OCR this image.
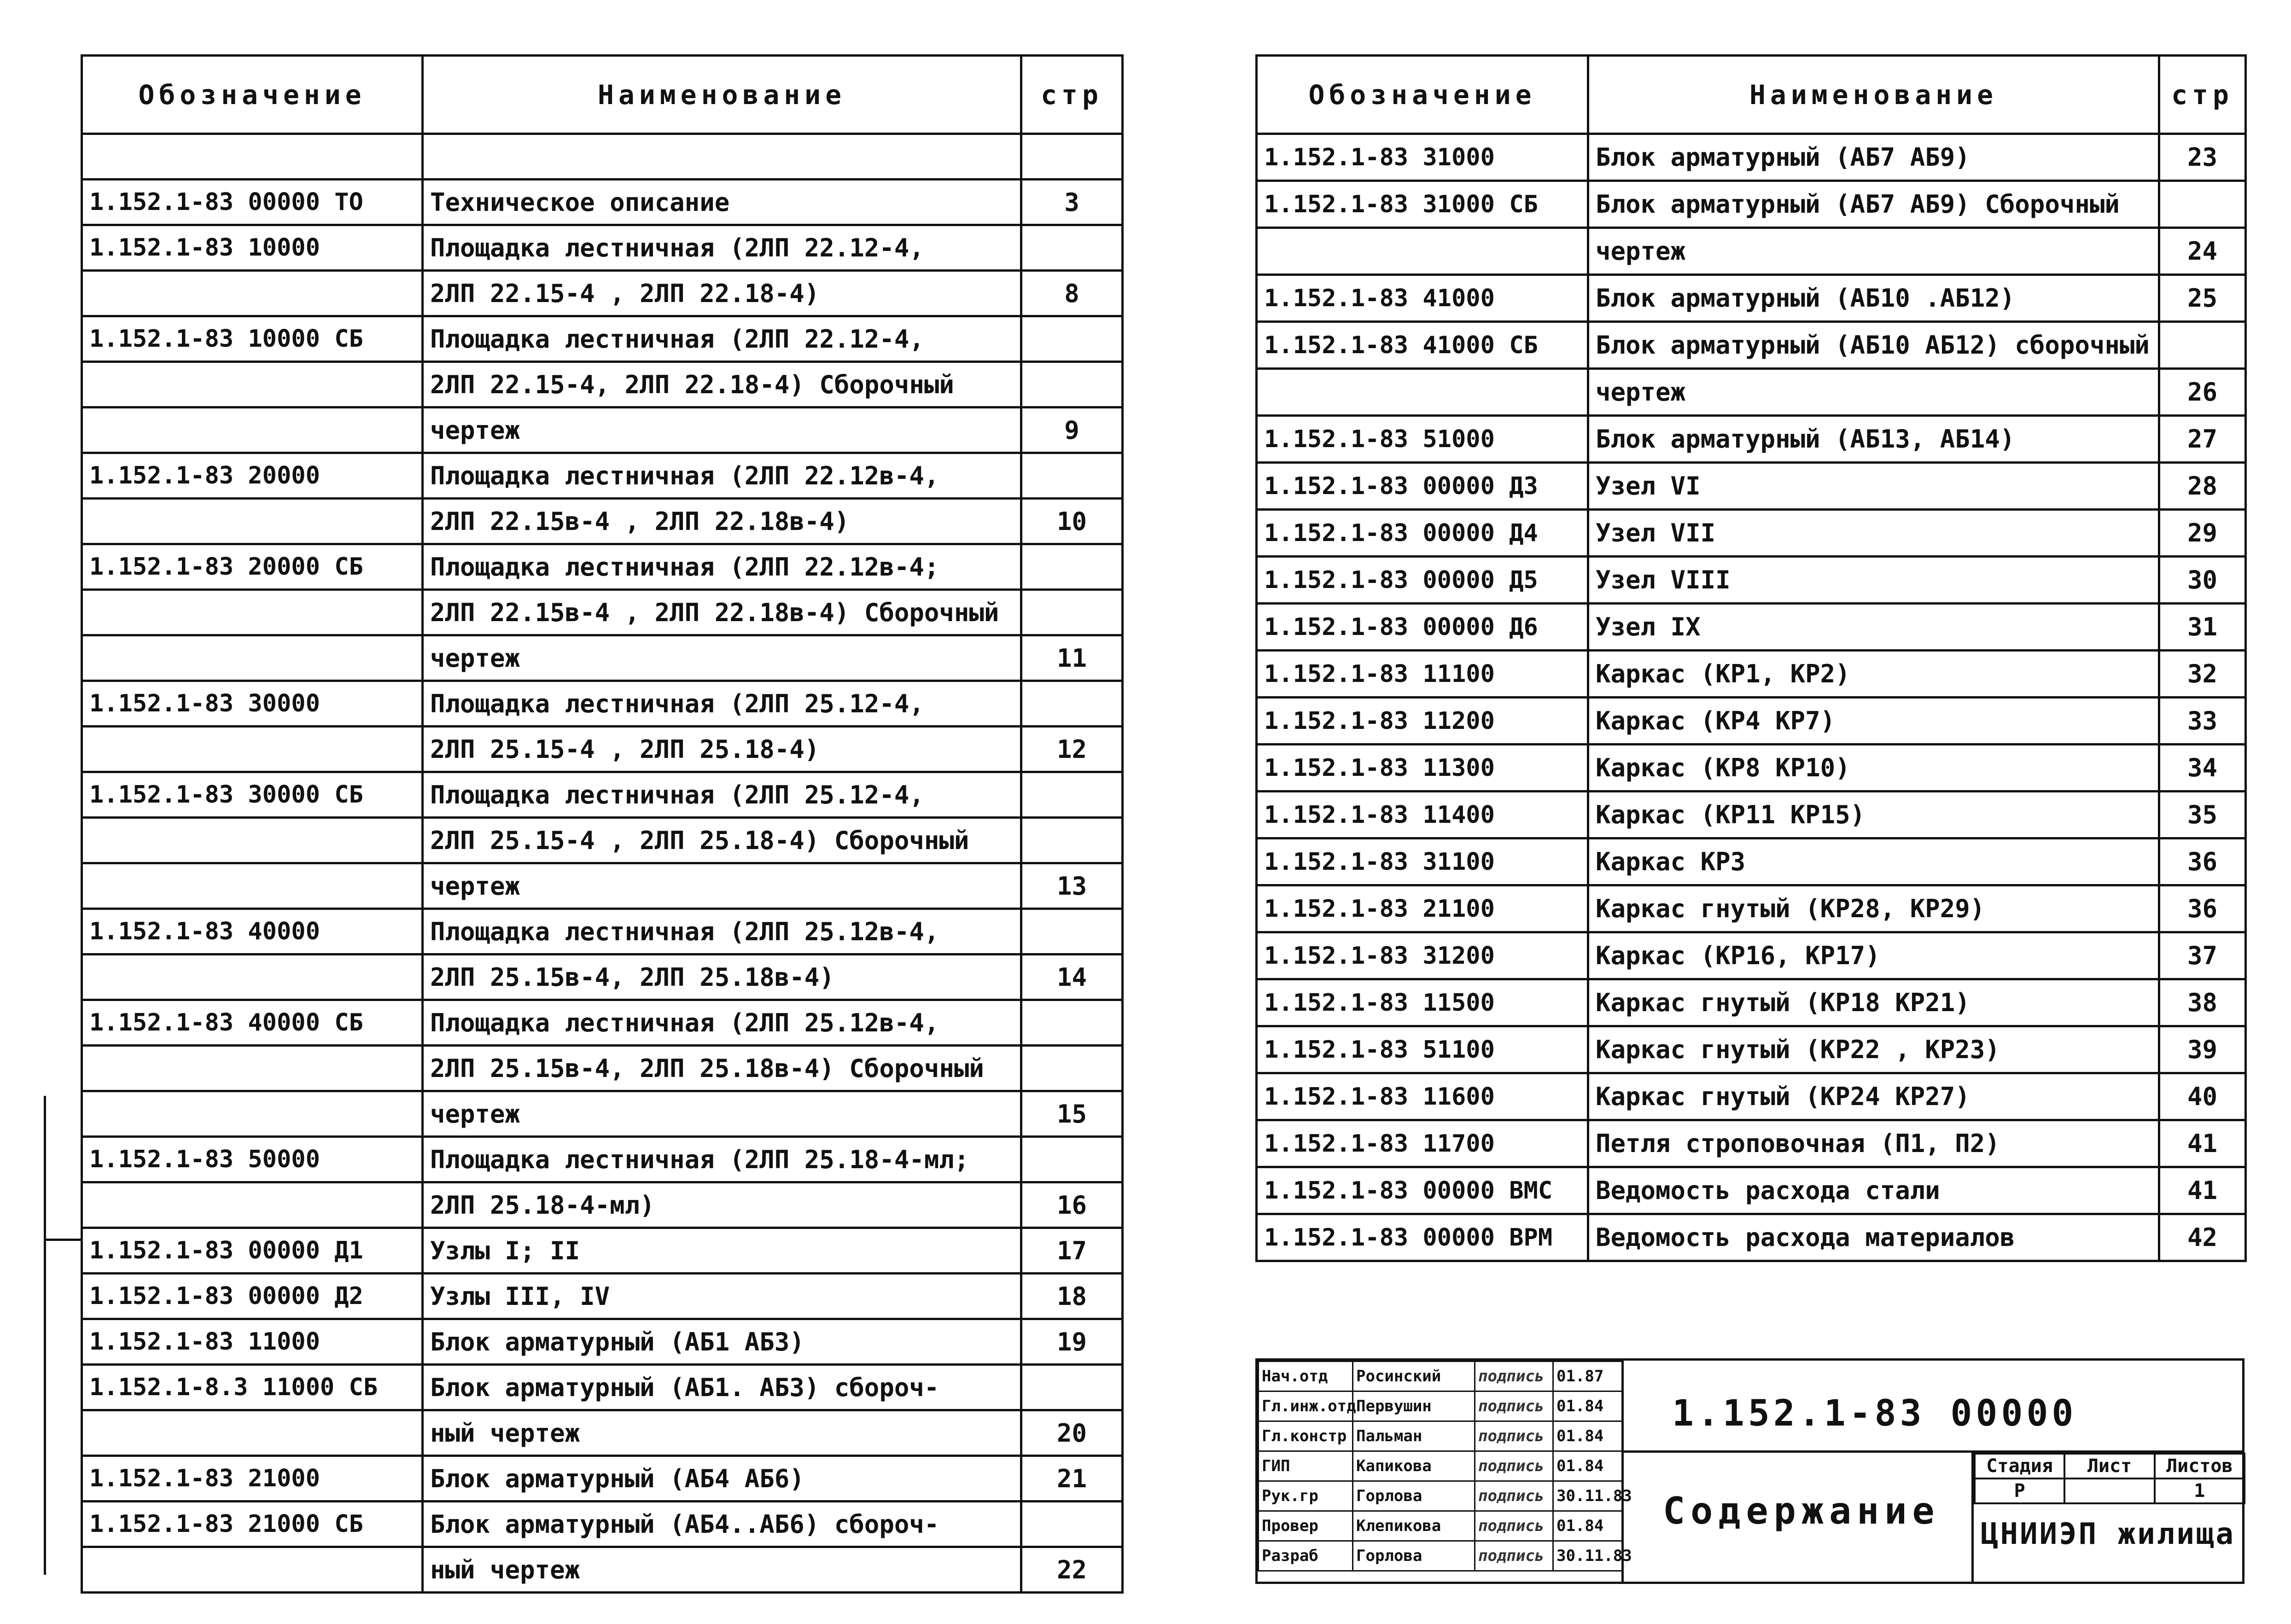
Обозначение	Наименование	стр

1.152.1-83 00000 ТО	Техническое описание	3
1.152.1-83 10000	Площадка лестничная (2ЛП 22.12-4,	
	2ЛП 22.15-4 , 2ЛП 22.18-4)	8
1.152.1-83 10000 СБ	Площадка лестничная (2ЛП 22.12-4,	
	2ЛП 22.15-4, 2ЛП 22.18-4) Сборочный	
	чертеж	9
1.152.1-83 20000	Площадка лестничная (2ЛП 22.12в-4,	
	2ЛП 22.15в-4 , 2ЛП 22.18в-4)	10
1.152.1-83 20000 СБ	Площадка лестничная (2ЛП 22.12в-4;	
	2ЛП 22.15в-4 , 2ЛП 22.18в-4) Сборочный	
	чертеж	11
1.152.1-83 30000	Площадка лестничная (2ЛП 25.12-4,	
	2ЛП 25.15-4 , 2ЛП 25.18-4)	12
1.152.1-83 30000 СБ	Площадка лестничная (2ЛП 25.12-4,	
	2ЛП 25.15-4 , 2ЛП 25.18-4) Сборочный	
	чертеж	13
1.152.1-83 40000	Площадка лестничная (2ЛП 25.12в-4,	
	2ЛП 25.15в-4, 2ЛП 25.18в-4)	14
1.152.1-83 40000 СБ	Площадка лестничная (2ЛП 25.12в-4,	
	2ЛП 25.15в-4, 2ЛП 25.18в-4) Сборочный	
	чертеж	15
1.152.1-83 50000	Площадка лестничная (2ЛП 25.18-4-мл;	
	2ЛП 25.18-4-мл)	16
1.152.1-83 00000 Д1	Узлы I; II	17
1.152.1-83 00000 Д2	Узлы III, IV	18
1.152.1-83 11000	Блок арматурный (АБ1 АБ3)	19
1.152.1-8.3 11000 СБ	Блок арматурный (АБ1. АБ3) сбороч-	
	ный чертеж	20
1.152.1-83 21000	Блок арматурный (АБ4 АБ6)	21
1.152.1-83 21000 СБ	Блок арматурный (АБ4..АБ6) сбороч-	
	ный чертеж	22
Обозначение	Наименование	стр
1.152.1-83 31000	Блок арматурный (АБ7 АБ9)	23
1.152.1-83 31000 СБ	Блок арматурный (АБ7 АБ9) Сборочный	
	чертеж	24
1.152.1-83 41000	Блок арматурный (АБ10 .АБ12)	25
1.152.1-83 41000 СБ	Блок арматурный (АБ10 АБ12) сборочный	
	чертеж	26
1.152.1-83 51000	Блок арматурный (АБ13, АБ14)	27
1.152.1-83 00000 Д3	Узел VI	28
1.152.1-83 00000 Д4	Узел VII	29
1.152.1-83 00000 Д5	Узел VIII	30
1.152.1-83 00000 Д6	Узел IX	31
1.152.1-83 11100	Каркас (КР1, КР2)	32
1.152.1-83 11200	Каркас (КР4 КР7)	33
1.152.1-83 11300	Каркас (КР8 КР10)	34
1.152.1-83 11400	Каркас (КР11 КР15)	35
1.152.1-83 31100	Каркас КР3	36
1.152.1-83 21100	Каркас гнутый (КР28, КР29)	36
1.152.1-83 31200	Каркас (КР16, КР17)	37
1.152.1-83 11500	Каркас гнутый (КР18 КР21)	38
1.152.1-83 51100	Каркас гнутый (КР22 , КР23)	39
1.152.1-83 11600	Каркас гнутый (КР24 КР27)	40
1.152.1-83 11700	Петля строповочная (П1, П2)	41
1.152.1-83 00000 ВМС	Ведомость расхода стали	41
1.152.1-83 00000 ВРМ	Ведомость расхода материалов	42
Нач.отд	Росинский	подпись	01.87
Гл.инж.отд	Первушин	подпись	01.84
Гл.констр	Пальман	подпись	01.84
ГИП	Капикова	подпись	01.84
Рук.гр	Горлова	подпись	30.11.83
Провер	Клепикова	подпись	01.84
Разраб	Горлова	подпись	30.11.83
1.152.1-83 00000
Содержание
Стадия	Лист	Листов
Р		1
ЦНИИЭП жилища
